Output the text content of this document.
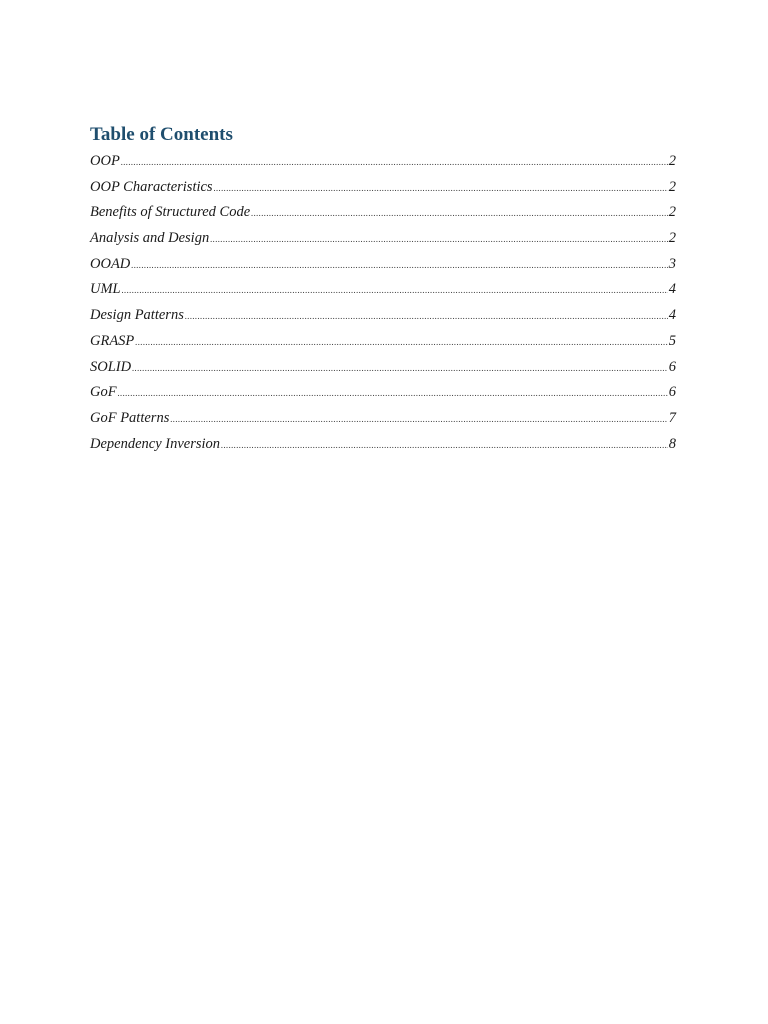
Table of Contents
OOP .....	2
OOP Characteristics .....	2
Benefits of Structured Code .....	2
Analysis and Design .....	2
OOAD .....	3
UML .....	4
Design Patterns .....	4
GRASP .....	5
SOLID .....	6
GoF .....	6
GoF Patterns .....	7
Dependency Inversion .....	8
